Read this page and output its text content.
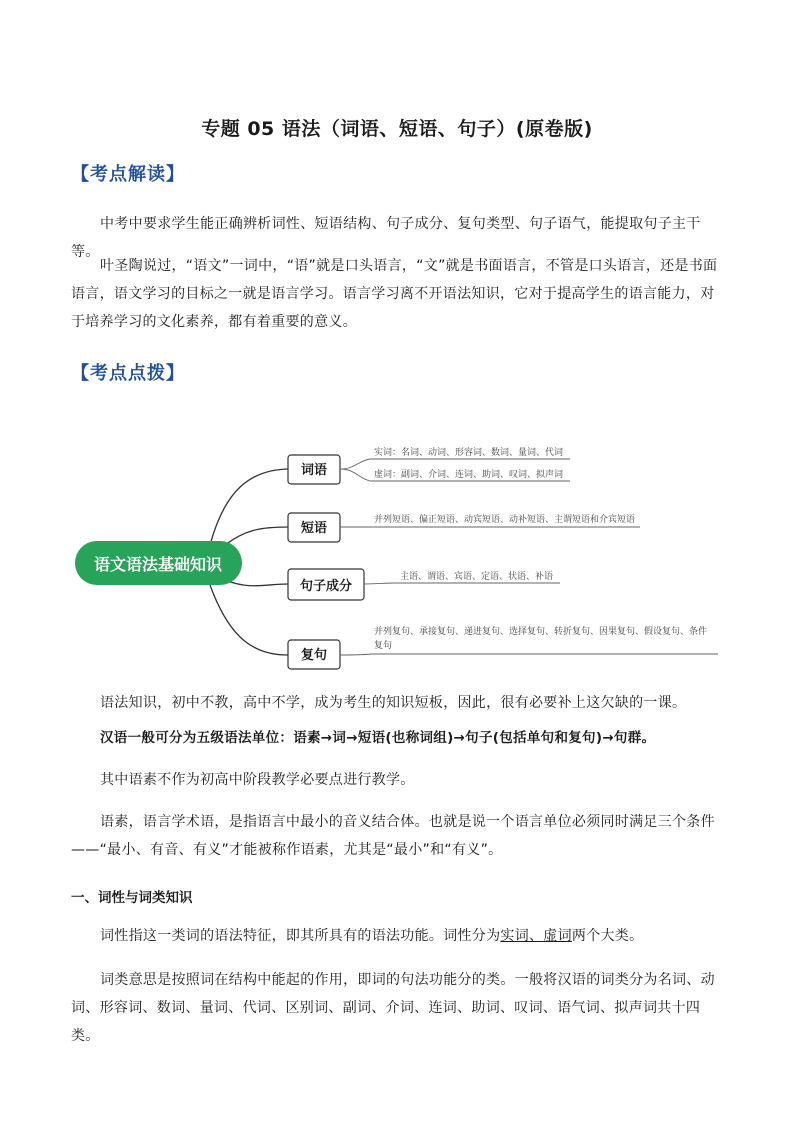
专题 05 语法（词语、短语、句子）(原卷版)
【考点解读】
中考中要求学生能正确辨析词性、短语结构、句子成分、复句类型、句子语气，能提取句子主干等。
叶圣陶说过，“语文”一词中，“语”就是口头语言，“文”就是书面语言，不管是口头语言，还是书面语言，语文学习的目标之一就是语言学习。语言学习离不开语法知识，它对于提高学生的语言能力，对于培养学习的文化素养，都有着重要的意义。
【考点点拨】
语文语法基础知识
词语
短语
句子成分
复句
实词：名词、动词、形容词、数词、量词、代词
虚词：副词、介词、连词、助词、叹词、拟声词
并列短语、偏正短语、动宾短语、动补短语、主谓短语和介宾短语
主语、谓语、宾语、定语、状语、补语
并列复句、承接复句、递进复句、选择复句、转折复句、因果复句、假设复句、条件
复句
语法知识，初中不教，高中不学，成为考生的知识短板，因此，很有必要补上这欠缺的一课。
汉语一般可分为五级语法单位：语素→词→短语(也称词组)→句子(包括单句和复句)→句群。
其中语素不作为初高中阶段教学必要点进行教学。
语素，语言学术语，是指语言中最小的音义结合体。也就是说一个语言单位必须同时满足三个条件——“最小、有音、有义”才能被称作语素，尤其是“最小”和“有义”。
一、词性与词类知识
词性指这一类词的语法特征，即其所具有的语法功能。词性分为实词、虚词两个大类。
词类意思是按照词在结构中能起的作用，即词的句法功能分的类。一般将汉语的词类分为名词、动词、形容词、数词、量词、代词、区别词、副词、介词、连词、助词、叹词、语气词、拟声词共十四类。
